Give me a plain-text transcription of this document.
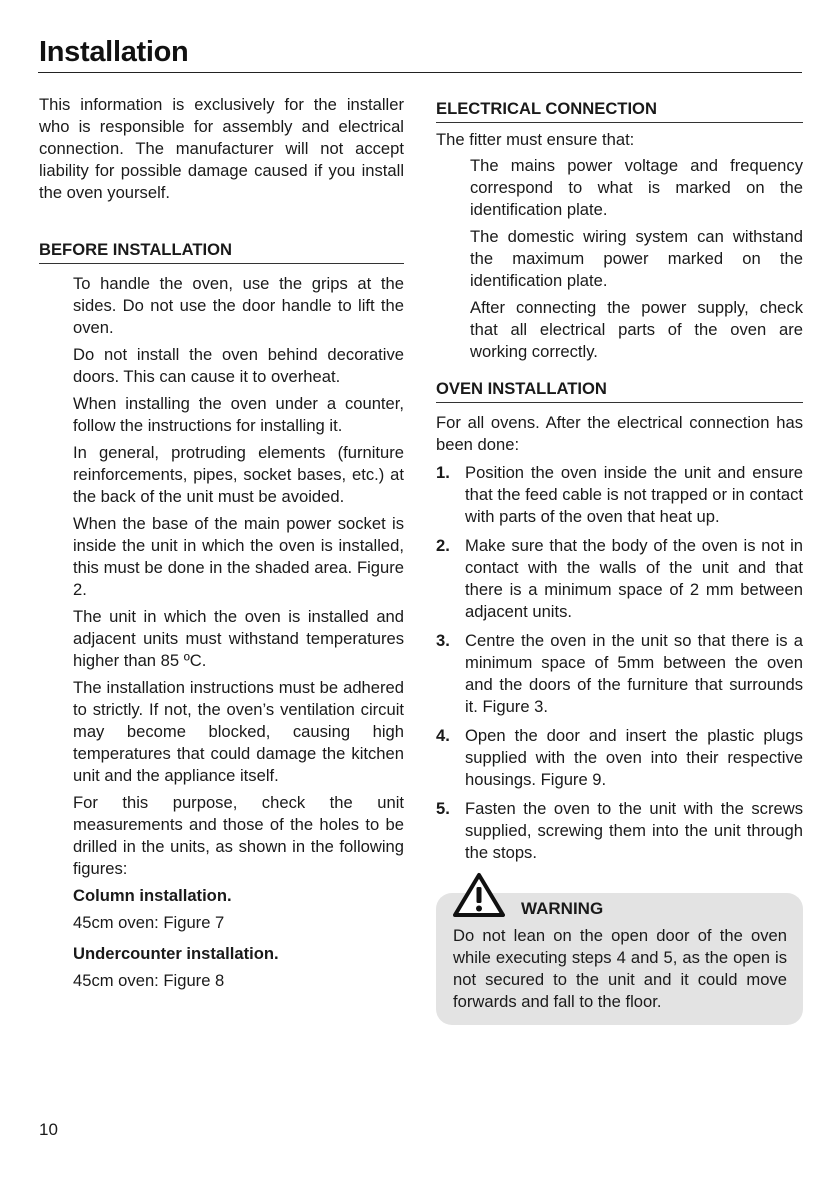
Installation

This information is exclusively for the installer who is responsible for assembly and electrical connection. The manufacturer will not accept liability for possible damage caused if you install the oven yourself.

BEFORE INSTALLATION

To handle the oven, use the grips at the sides. Do not use the door handle to lift the oven.

Do not install the oven behind decorative doors. This can cause it to overheat.

When installing the oven under a counter, follow the instructions for installing it.

In general, protruding elements (furniture reinforcements, pipes, socket bases, etc.) at the back of the unit must be avoided.

When the base of the main power socket is inside the unit in which the oven is installed, this must be done in the shaded area. Figure 2.

The unit in which the oven is installed and adjacent units must withstand temperatures higher than 85 ºC.

The installation instructions must be adhered to strictly. If not, the oven’s ventilation circuit may become blocked, causing high temperatures that could damage the kitchen unit and the appliance itself.

For this purpose, check the unit measurements and those of the holes to be drilled in the units, as shown in the following figures:

Column installation.

45cm oven: Figure 7

Undercounter installation.

45cm oven: Figure 8

ELECTRICAL CONNECTION

The fitter must ensure that:

The mains power voltage and frequency correspond to what is marked on the identification plate.

The domestic wiring system can withstand the maximum power marked on the identification plate.

After connecting the power supply, check that all electrical parts of the oven are working correctly.

OVEN INSTALLATION

For all ovens. After the electrical connection has been done:

1. Position the oven inside the unit and ensure that the feed cable is not trapped or in contact with parts of the oven that heat up.
2. Make sure that the body of the oven is not in contact with the walls of the unit and that there is a minimum space of 2 mm between adjacent units.
3. Centre the oven in the unit so that there is a minimum space of 5mm between the oven and the doors of the furniture that surrounds it. Figure 3.
4. Open the door and insert the plastic plugs supplied with the oven into their respective housings. Figure 9.
5. Fasten the oven to the unit with the screws supplied, screwing them into the unit through the stops.
WARNING

Do not lean on the open door of the oven while executing steps 4 and 5, as the open is not secured to the unit and it could move forwards and fall to the floor.

10
